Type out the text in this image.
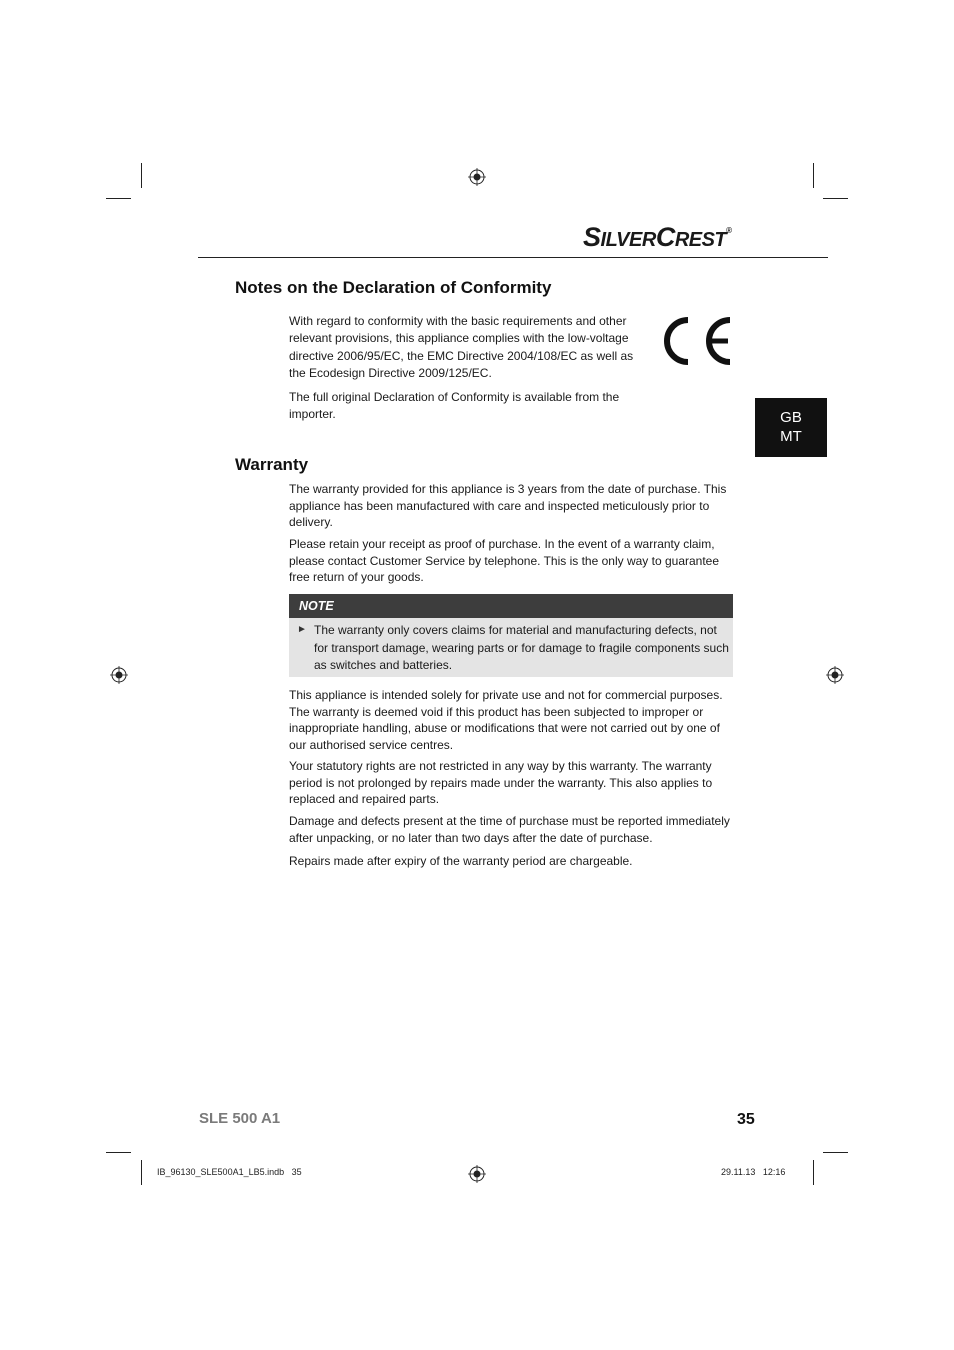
SILVERCREST®
Notes on the Declaration of Conformity

With regard to conformity with the basic requirements and other relevant provisions, this appliance complies with the low-voltage directive 2006/95/EC, the EMC Directive 2004/108/EC as well as the Ecodesign Directive 2009/125/EC.

The full original Declaration of Conformity is available from the importer.	GB
MT
Warranty

The warranty provided for this appliance is 3 years from the date of purchase. This appliance has been manufactured with care and inspected meticulously prior to delivery.

Please retain your receipt as proof of purchase. In the event of a warranty claim, please contact Customer Service by telephone. This is the only way to guarantee free return of your goods.

NOTE
► The warranty only covers claims for material and manufacturing defects, not for transport damage, wearing parts or for damage to fragile components such as switches and batteries.

This appliance is intended solely for private use and not for commercial purposes. The warranty is deemed void if this product has been subjected to improper or inappropriate handling, abuse or modifications that were not carried out by one of our authorised service centres.

Your statutory rights are not restricted in any way by this warranty. The warranty period is not prolonged by repairs made under the warranty. This also applies to replaced and repaired parts.

Damage and defects present at the time of purchase must be reported immediately after unpacking, or no later than two days after the date of purchase.

Repairs made after expiry of the warranty period are chargeable.

SLE 500 A1	35
IB_96130_SLE500A1_LB5.indb   35	29.11.13   12:16
